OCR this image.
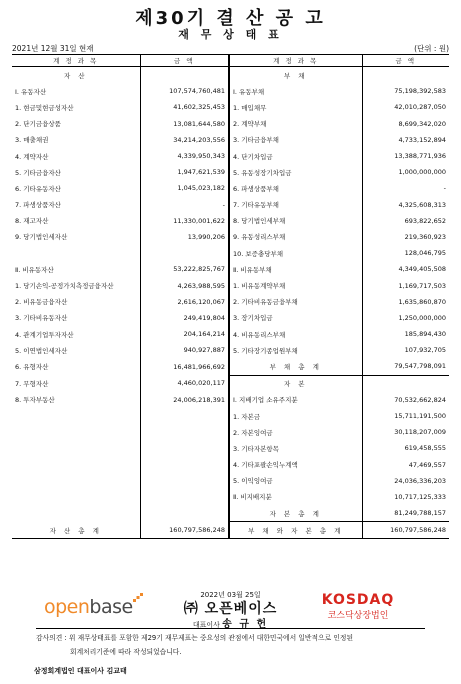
제30기 결 산 공 고
재 무 상 태 표
2021년 12월 31일 현재	(단위 : 원)
계 정 과 목	금 액	계 정 과 목	금 액
자 산		부 채	
Ⅰ. 유동자산	107,574,760,481	Ⅰ. 유동부채	75,198,392,583
1. 현금및현금성자산	41,602,325,453	1. 매입채무	42,010,287,050
2. 단기금융상품	13,081,644,580	2. 계약부채	8,699,342,020
3. 매출채권	34,214,203,556	3. 기타금융부채	4,733,152,894
4. 계약자산	4,339,950,343	4. 단기차입금	13,388,771,936
5. 기타금융자산	1,947,621,539	5. 유동성장기차입금	1,000,000,000
6. 기타유동자산	1,045,023,182	6. 파생상품부채	-
7. 파생상품자산	-	7. 기타유동부채	4,325,608,313
8. 재고자산	11,330,001,622	8. 당기법인세부채	693,822,652
9. 당기법인세자산	13,990,206	9. 유동성리스부채	219,360,923
		10. 보증충당부채	128,046,795
Ⅱ. 비유동자산	53,222,825,767	Ⅱ. 비유동부채	4,349,405,508
1. 당기손익-공정가치측정금융자산	4,263,988,595	1. 비유동계약부채	1,169,717,503
2. 비유동금융자산	2,616,120,067	2. 기타비유동금융부채	1,635,860,870
3. 기타비유동자산	249,419,804	3. 장기차입금	1,250,000,000
4. 관계기업투자자산	204,164,214	4. 비유동리스부채	185,894,430
5. 이연법인세자산	940,927,887	5. 기타장기종업원부채	107,932,705
6. 유형자산	16,481,966,692	부 채 총 계	79,547,798,091
7. 무형자산	4,460,020,117	자 본	
8. 투자부동산	24,006,218,391	Ⅰ. 지배기업 소유주지분	70,532,662,824
		1. 자본금	15,711,191,500
		2. 자본잉여금	30,118,207,009
		3. 기타자본항목	619,458,555
		4. 기타포괄손익누계액	47,469,557
		5. 이익잉여금	24,036,336,203
		Ⅱ. 비지배지분	10,717,125,333
		자 본 총 계	81,249,788,157
자 산 총 계	160,797,586,248	부 채 와 자 본 총 계	160,797,586,248
2022년 03월 25일
openbase	㈜ 오픈베이스
대표이사 송 규 헌
KOSDAQ
코스닥상장법인
감사의견 : 위 재무상태표를 포함한 제29기 재무제표는 중요성의 관점에서 대한민국에서 일반적으로 인정된
회계처리기준에 따라 작성되었습니다.
삼정회계법인 대표이사 김교태
